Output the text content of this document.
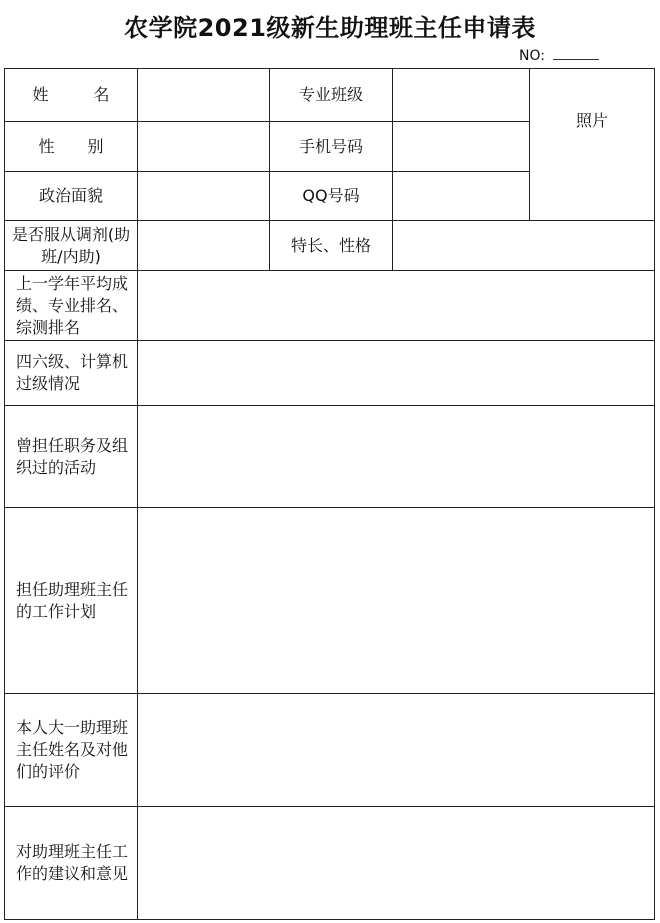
农学院2021级新生助理班主任申请表
NO:
姓 名		专业班级		照片
性 别		手机号码		
政治面貌		QQ号码		
是否服从调剂(助班/内助)		特长、性格		
上一学年平均成绩、专业排名、综测排名				
四六级、计算机过级情况				
曾担任职务及组织过的活动				
担任助理班主任的工作计划				
本人大一助理班主任姓名及对他们的评价				
对助理班主任工作的建议和意见				
